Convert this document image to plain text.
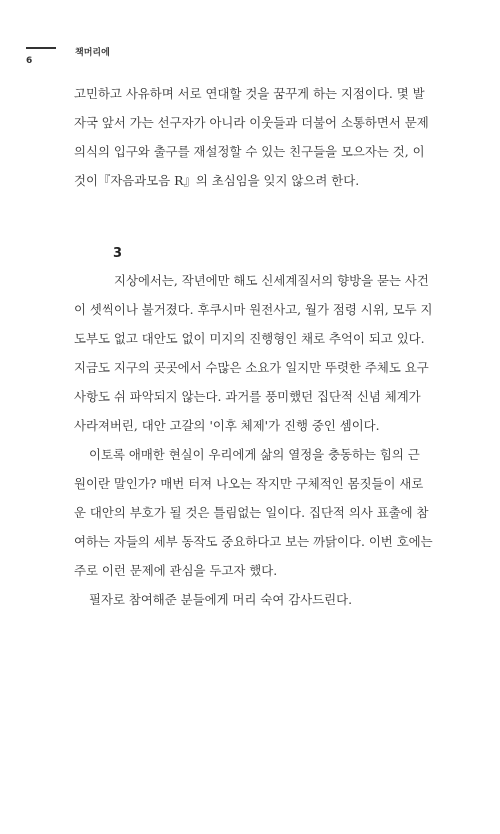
6
책머리에
고민하고 사유하며 서로 연대할 것을 꿈꾸게 하는 지점이다. 몇 발
자국 앞서 가는 선구자가 아니라 이웃들과 더불어 소통하면서 문제
의식의 입구와 출구를 재설정할 수 있는 친구들을 모으자는 것, 이
것이『자음과모음 R』의 초심임을 잊지 않으려 한다.
3
지상에서는, 작년에만 해도 신세계질서의 향방을 묻는 사건
이 셋씩이나 불거졌다. 후쿠시마 원전사고, 월가 점령 시위, 모두 지
도부도 없고 대안도 없이 미지의 진행형인 채로 추억이 되고 있다.
지금도 지구의 곳곳에서 수많은 소요가 일지만 뚜렷한 주체도 요구
사항도 쉬 파악되지 않는다. 과거를 풍미했던 집단적 신념 체계가
사라져버린, 대안 고갈의 '이후 체제'가 진행 중인 셈이다.
이토록 애매한 현실이 우리에게 삶의 열정을 충동하는 힘의 근
원이란 말인가? 매번 터져 나오는 작지만 구체적인 몸짓들이 새로
운 대안의 부호가 될 것은 틀림없는 일이다. 집단적 의사 표출에 참
여하는 자들의 세부 동작도 중요하다고 보는 까닭이다. 이번 호에는
주로 이런 문제에 관심을 두고자 했다.
필자로 참여해준 분들에게 머리 숙여 감사드린다.
